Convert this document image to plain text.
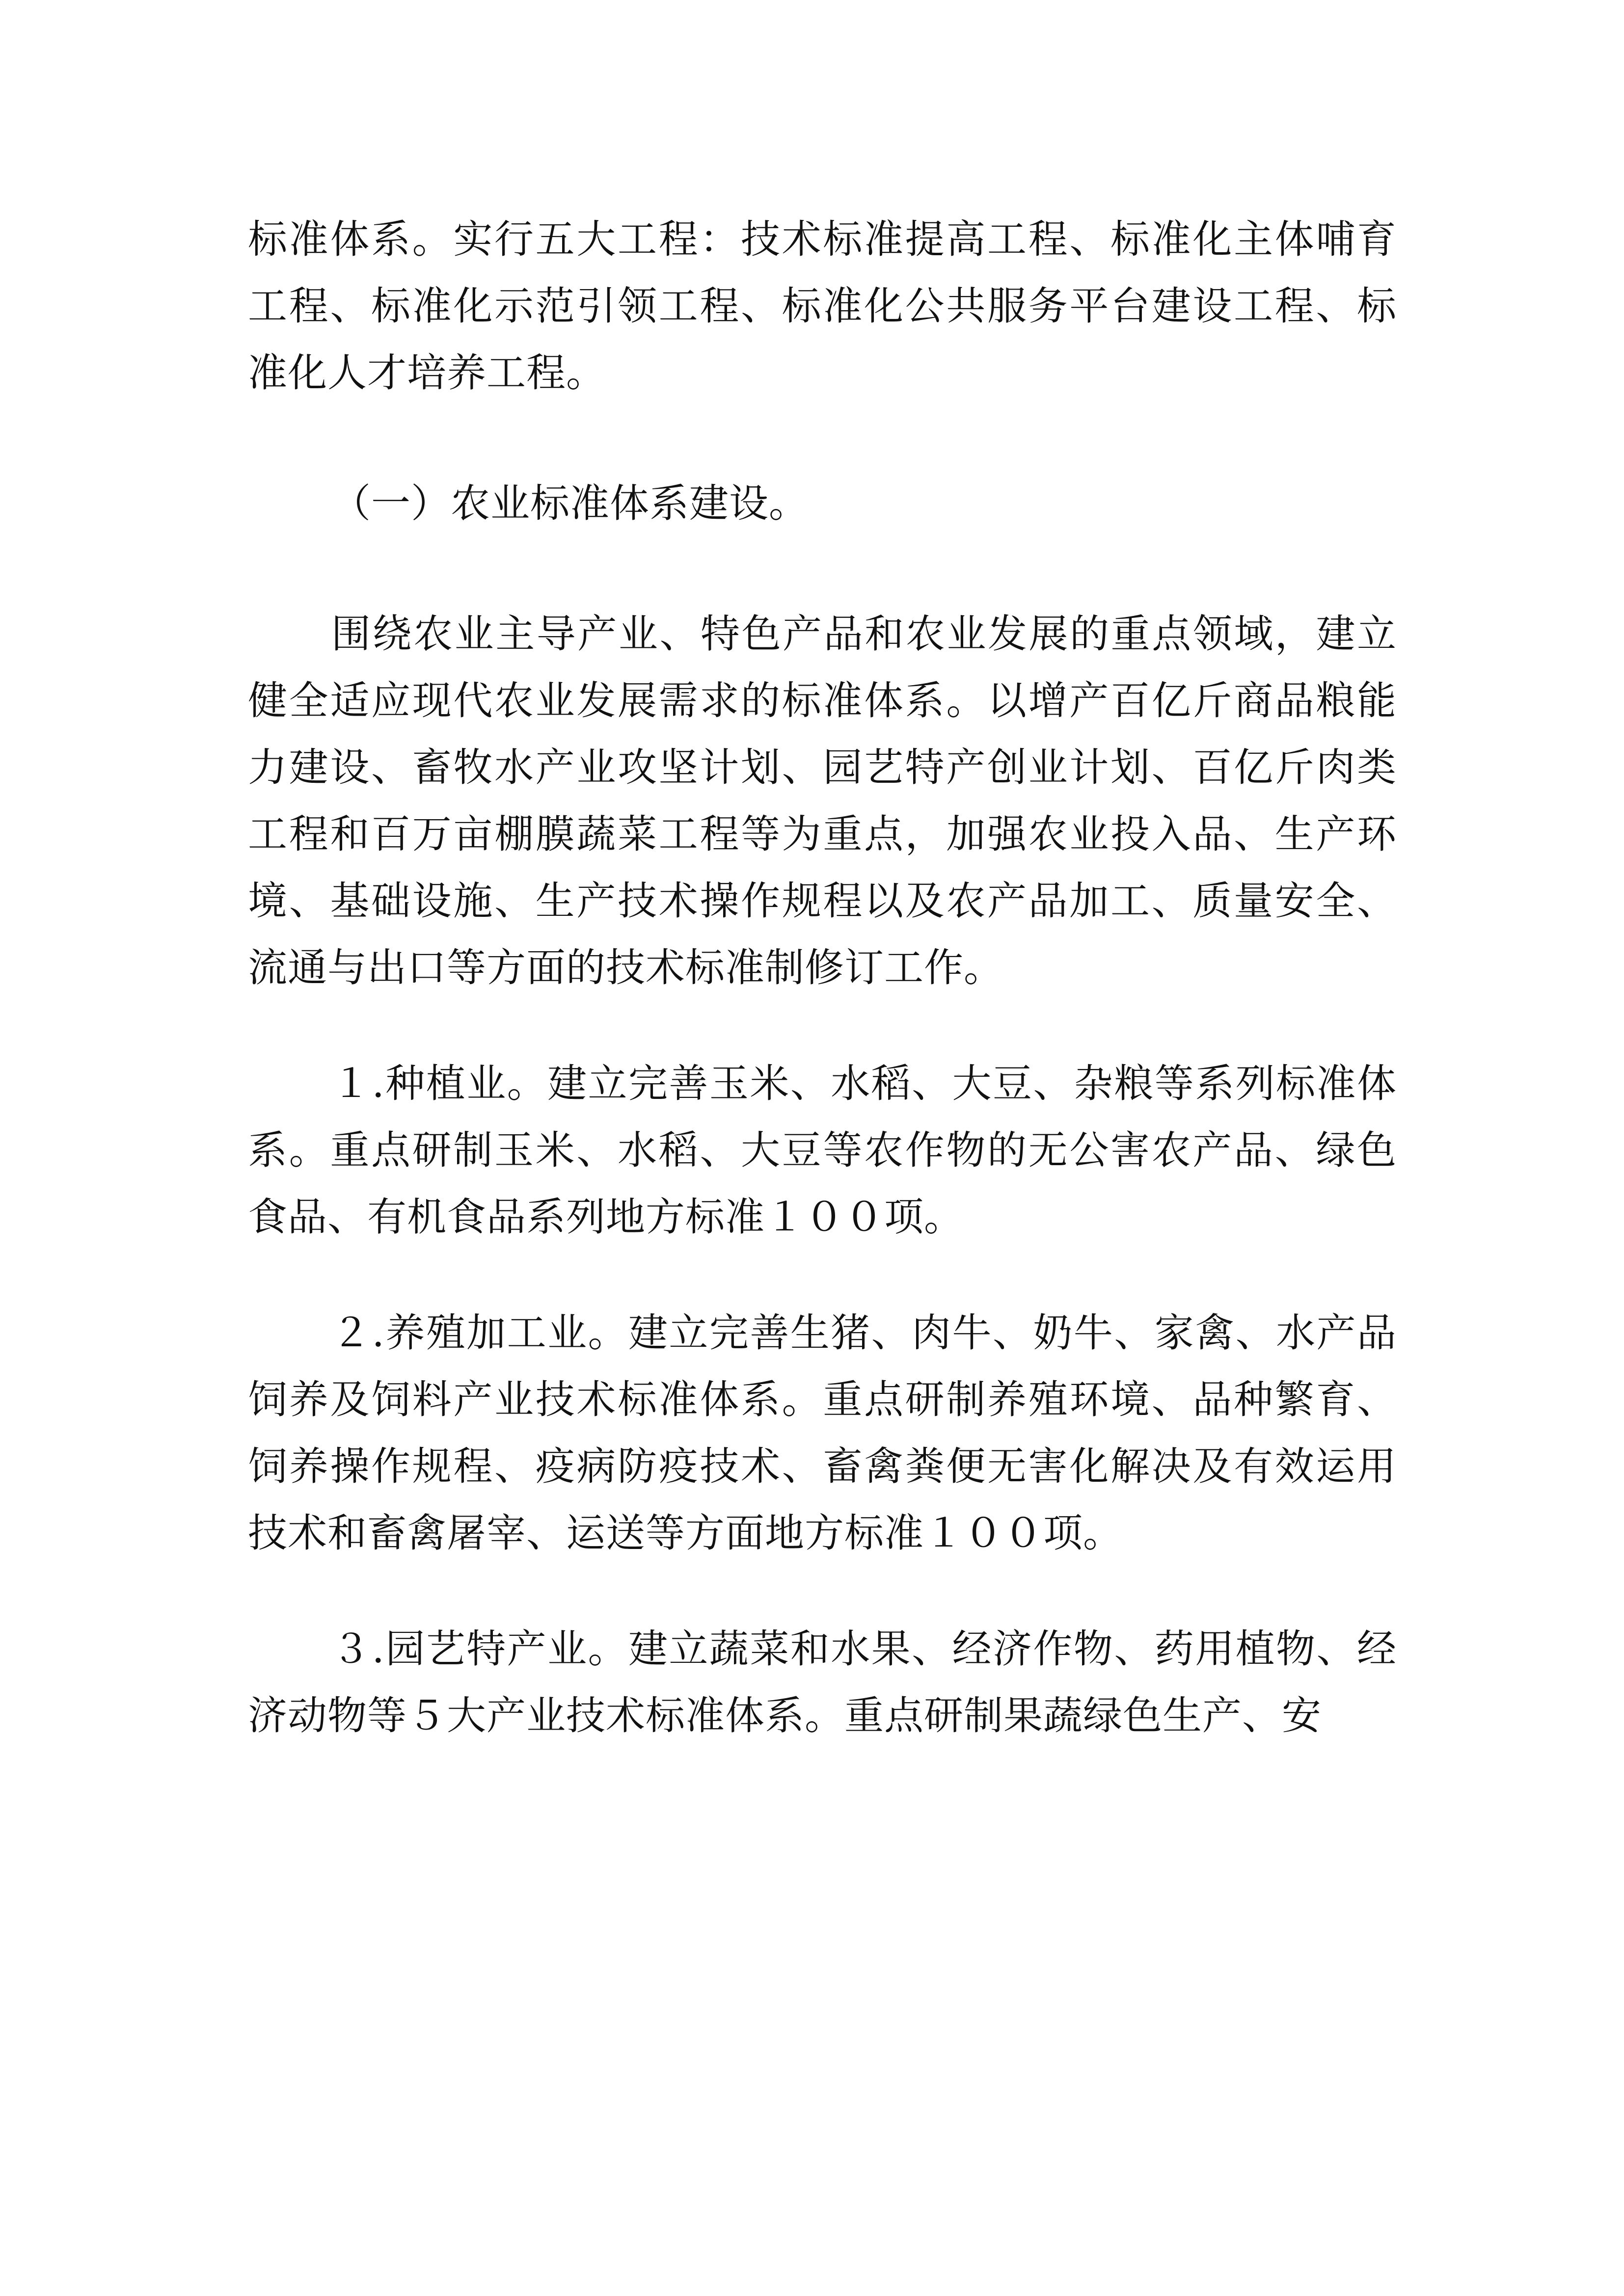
标准体系。实行五大工程：技术标准提高工程、标准化主体哺育工程、标准化示范引领工程、标准化公共服务平台建设工程、标准化人才培养工程。

（一）农业标准体系建设。

围绕农业主导产业、特色产品和农业发展的重点领域，建立健全适应现代农业发展需求的标准体系。以增产百亿斤商品粮能力建设、畜牧水产业攻坚计划、园艺特产创业计划、百亿斤肉类工程和百万亩棚膜蔬菜工程等为重点，加强农业投入品、生产环境、基础设施、生产技术操作规程以及农产品加工、质量安全、流通与出口等方面的技术标准制修订工作。

１.种植业。建立完善玉米、水稻、大豆、杂粮等系列标准体系。重点研制玉米、水稻、大豆等农作物的无公害农产品、绿色食品、有机食品系列地方标准１００项。

２.养殖加工业。建立完善生猪、肉牛、奶牛、家禽、水产品饲养及饲料产业技术标准体系。重点研制养殖环境、品种繁育、饲养操作规程、疫病防疫技术、畜禽粪便无害化解决及有效运用技术和畜禽屠宰、运送等方面地方标准１００项。

３.园艺特产业。建立蔬菜和水果、经济作物、药用植物、经济动物等５大产业技术标准体系。重点研制果蔬绿色生产、安
